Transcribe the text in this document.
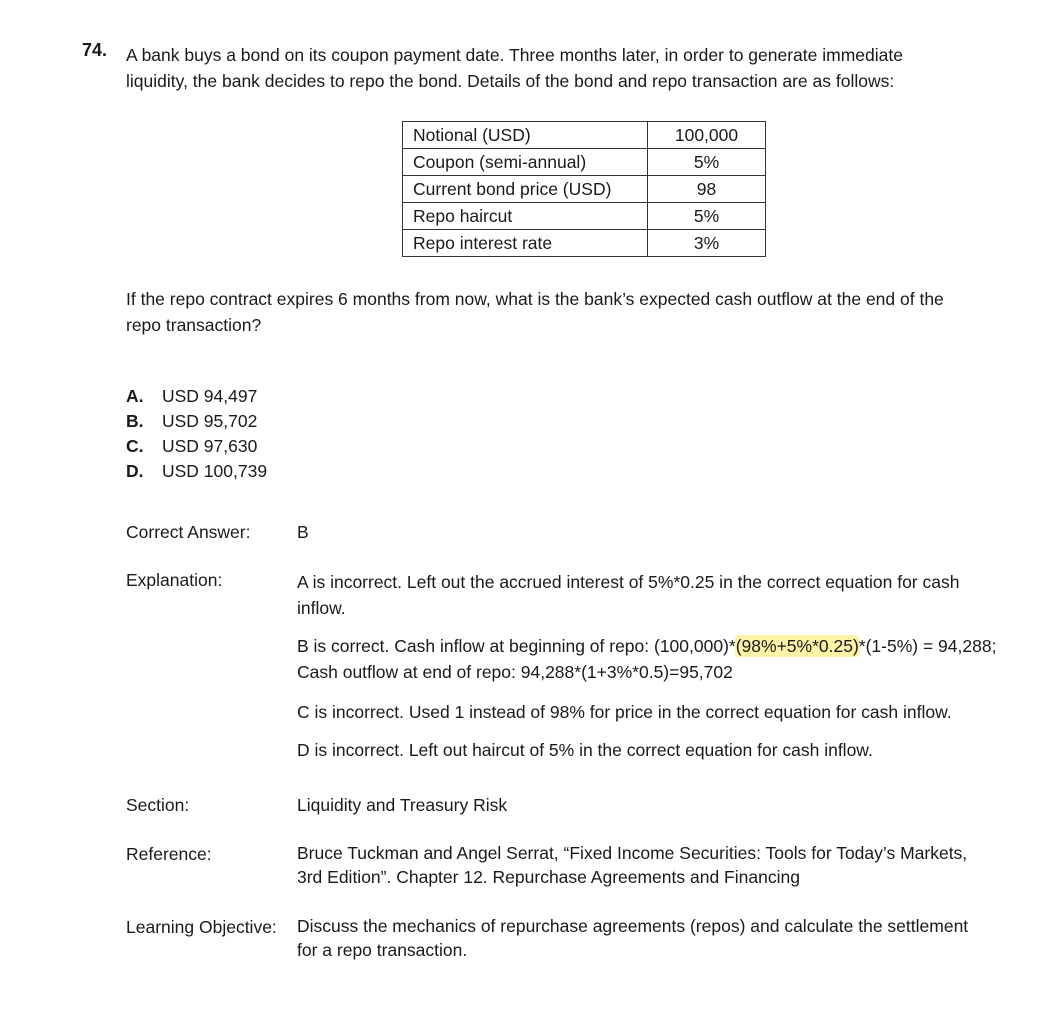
74. A bank buys a bond on its coupon payment date. Three months later, in order to generate immediate
liquidity, the bank decides to repo the bond. Details of the bond and repo transaction are as follows:
Notional (USD)	100,000
Coupon (semi-annual)	5%
Current bond price (USD)	98
Repo haircut	5%
Repo interest rate	3%
If the repo contract expires 6 months from now, what is the bank’s expected cash outflow at the end of the
repo transaction?
A. USD 94,497
B. USD 95,702
C. USD 97,630
D. USD 100,739
Correct Answer:	B
Explanation:	A is incorrect. Left out the accrued interest of 5%*0.25 in the correct equation for cash
inflow.
B is correct. Cash inflow at beginning of repo: (100,000)*(98%+5%*0.25)*(1-5%) = 94,288;
Cash outflow at end of repo: 94,288*(1+3%*0.5)=95,702
C is incorrect. Used 1 instead of 98% for price in the correct equation for cash inflow.
D is incorrect. Left out haircut of 5% in the correct equation for cash inflow.
Section:	Liquidity and Treasury Risk
Reference:	Bruce Tuckman and Angel Serrat, “Fixed Income Securities: Tools for Today’s Markets,
3rd Edition”. Chapter 12. Repurchase Agreements and Financing
Learning Objective: Discuss the mechanics of repurchase agreements (repos) and calculate the settlement
for a repo transaction.
